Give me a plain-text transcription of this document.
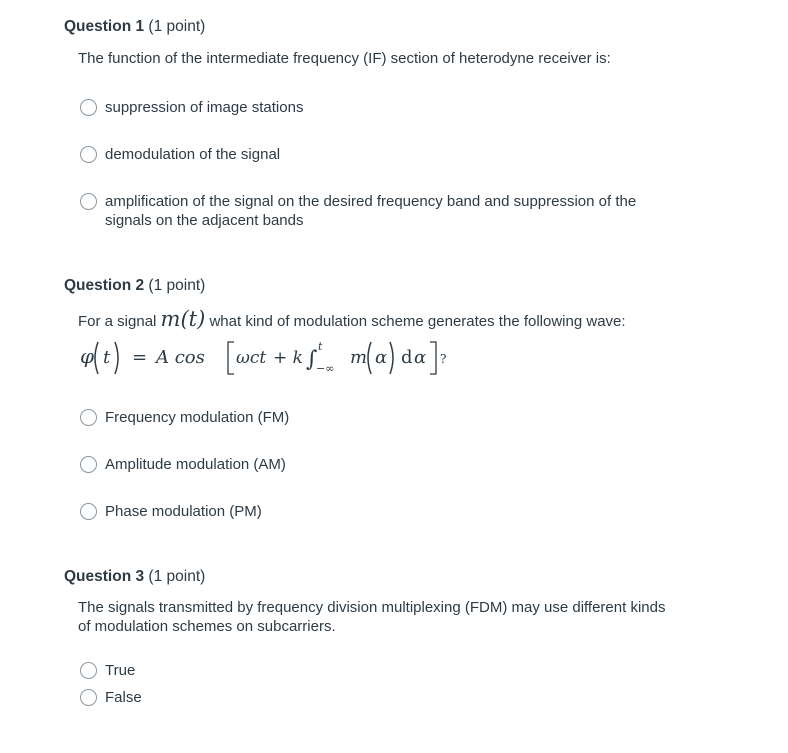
Question 1 (1 point)
The function of the intermediate frequency (IF) section of heterodyne receiver is:
suppression of image stations
demodulation of the signal
amplification of the signal on the desired frequency band and suppression of the signals on the adjacent bands
Question 2 (1 point)
For a signal m(t) what kind of modulation scheme generates the following wave:
φ t = A cos ωct + k ∫
t
−∞
m α d α ?
Frequency modulation (FM)
Amplitude modulation (AM)
Phase modulation (PM)
Question 3 (1 point)
The signals transmitted by frequency division multiplexing (FDM) may use different kinds of modulation schemes on subcarriers.
True
False
